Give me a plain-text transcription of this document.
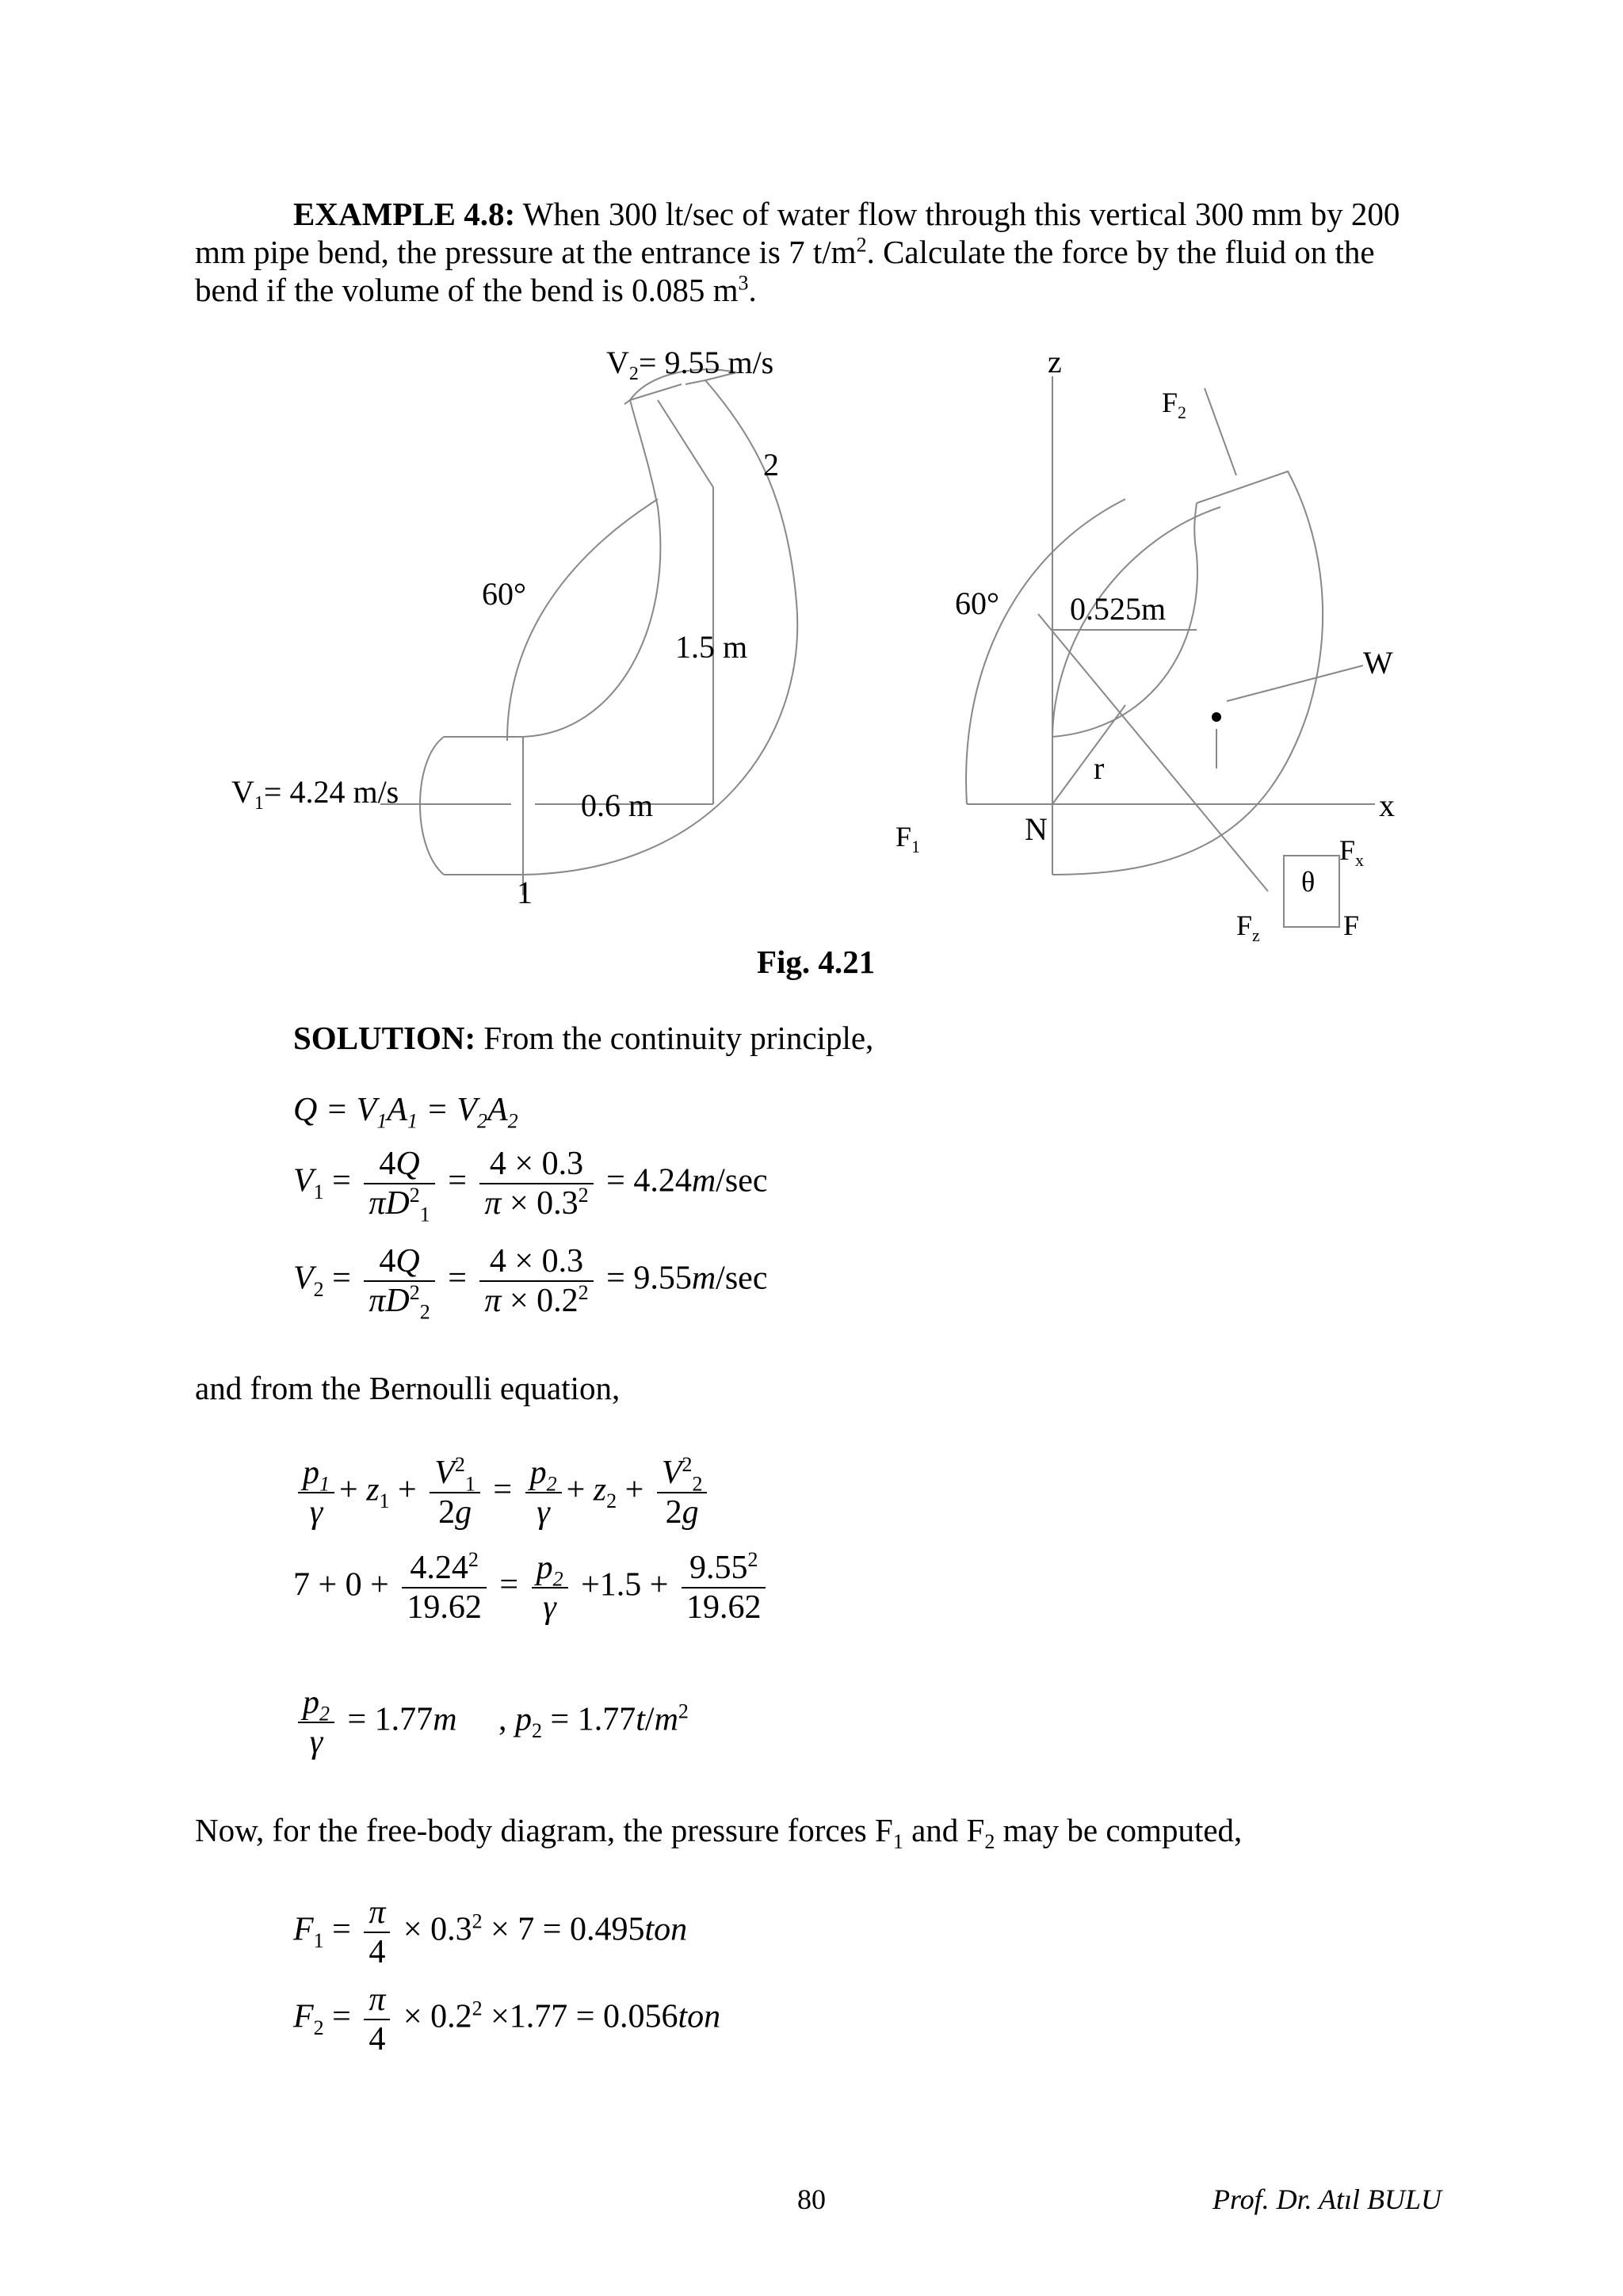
EXAMPLE 4.8: When 300 lt/sec of water flow through this vertical 300 mm by 200
mm pipe bend, the pressure at the entrance is 7 $t/m^2$. Calculate the force by the fluid on the
bend if the volume of the bend is 0.085 $m^3$.
$V_2= 9.55$ m/s
2
60°
1.5 m
$V_1= 4.24$ m/s	0.6 m
1
z
$F_2$
60° 0.525m
W
r
x
$F_1$	N
$F_x$
θ
$F_z$	F
Fig. 4.21
SOLUTION: From the continuity principle,
$Q = V_1A_1 = V_2A_2$
$V_1 = \frac{4Q}{\pi D^2_1} = \frac{4 \times 0.3}{\pi \times 0.3^2} = 4.24m/\sec$
$V_2 = \frac{4Q}{\pi D^2_2} = \frac{4 \times 0.3}{\pi \times 0.2^2} = 9.55m/\sec$
and from the Bernoulli equation,
$\frac{p_1}{\gamma} + z_1 + \frac{V^2_1}{2g} = \frac{p_2}{\gamma} + z_2 + \frac{V^2_2}{2g}$
$7 + 0 + \frac{4.24^2}{19.62} = \frac{p_2}{\gamma} +1.5 + \frac{9.55^2}{19.62}$
$\frac{p_2}{\gamma} = 1.77m$     , $p_2 = 1.77t/m^2$
Now, for the free-body diagram, the pressure forces $F_1$ and $F_2$ may be computed,
$F_1 = \frac{\pi}{4} \times 0.3^2 \times 7 = 0.495ton$
$F_2 = \frac{\pi}{4} \times 0.2^2 \times 1.77 = 0.056ton$
80	Prof. Dr. Atıl BULU
